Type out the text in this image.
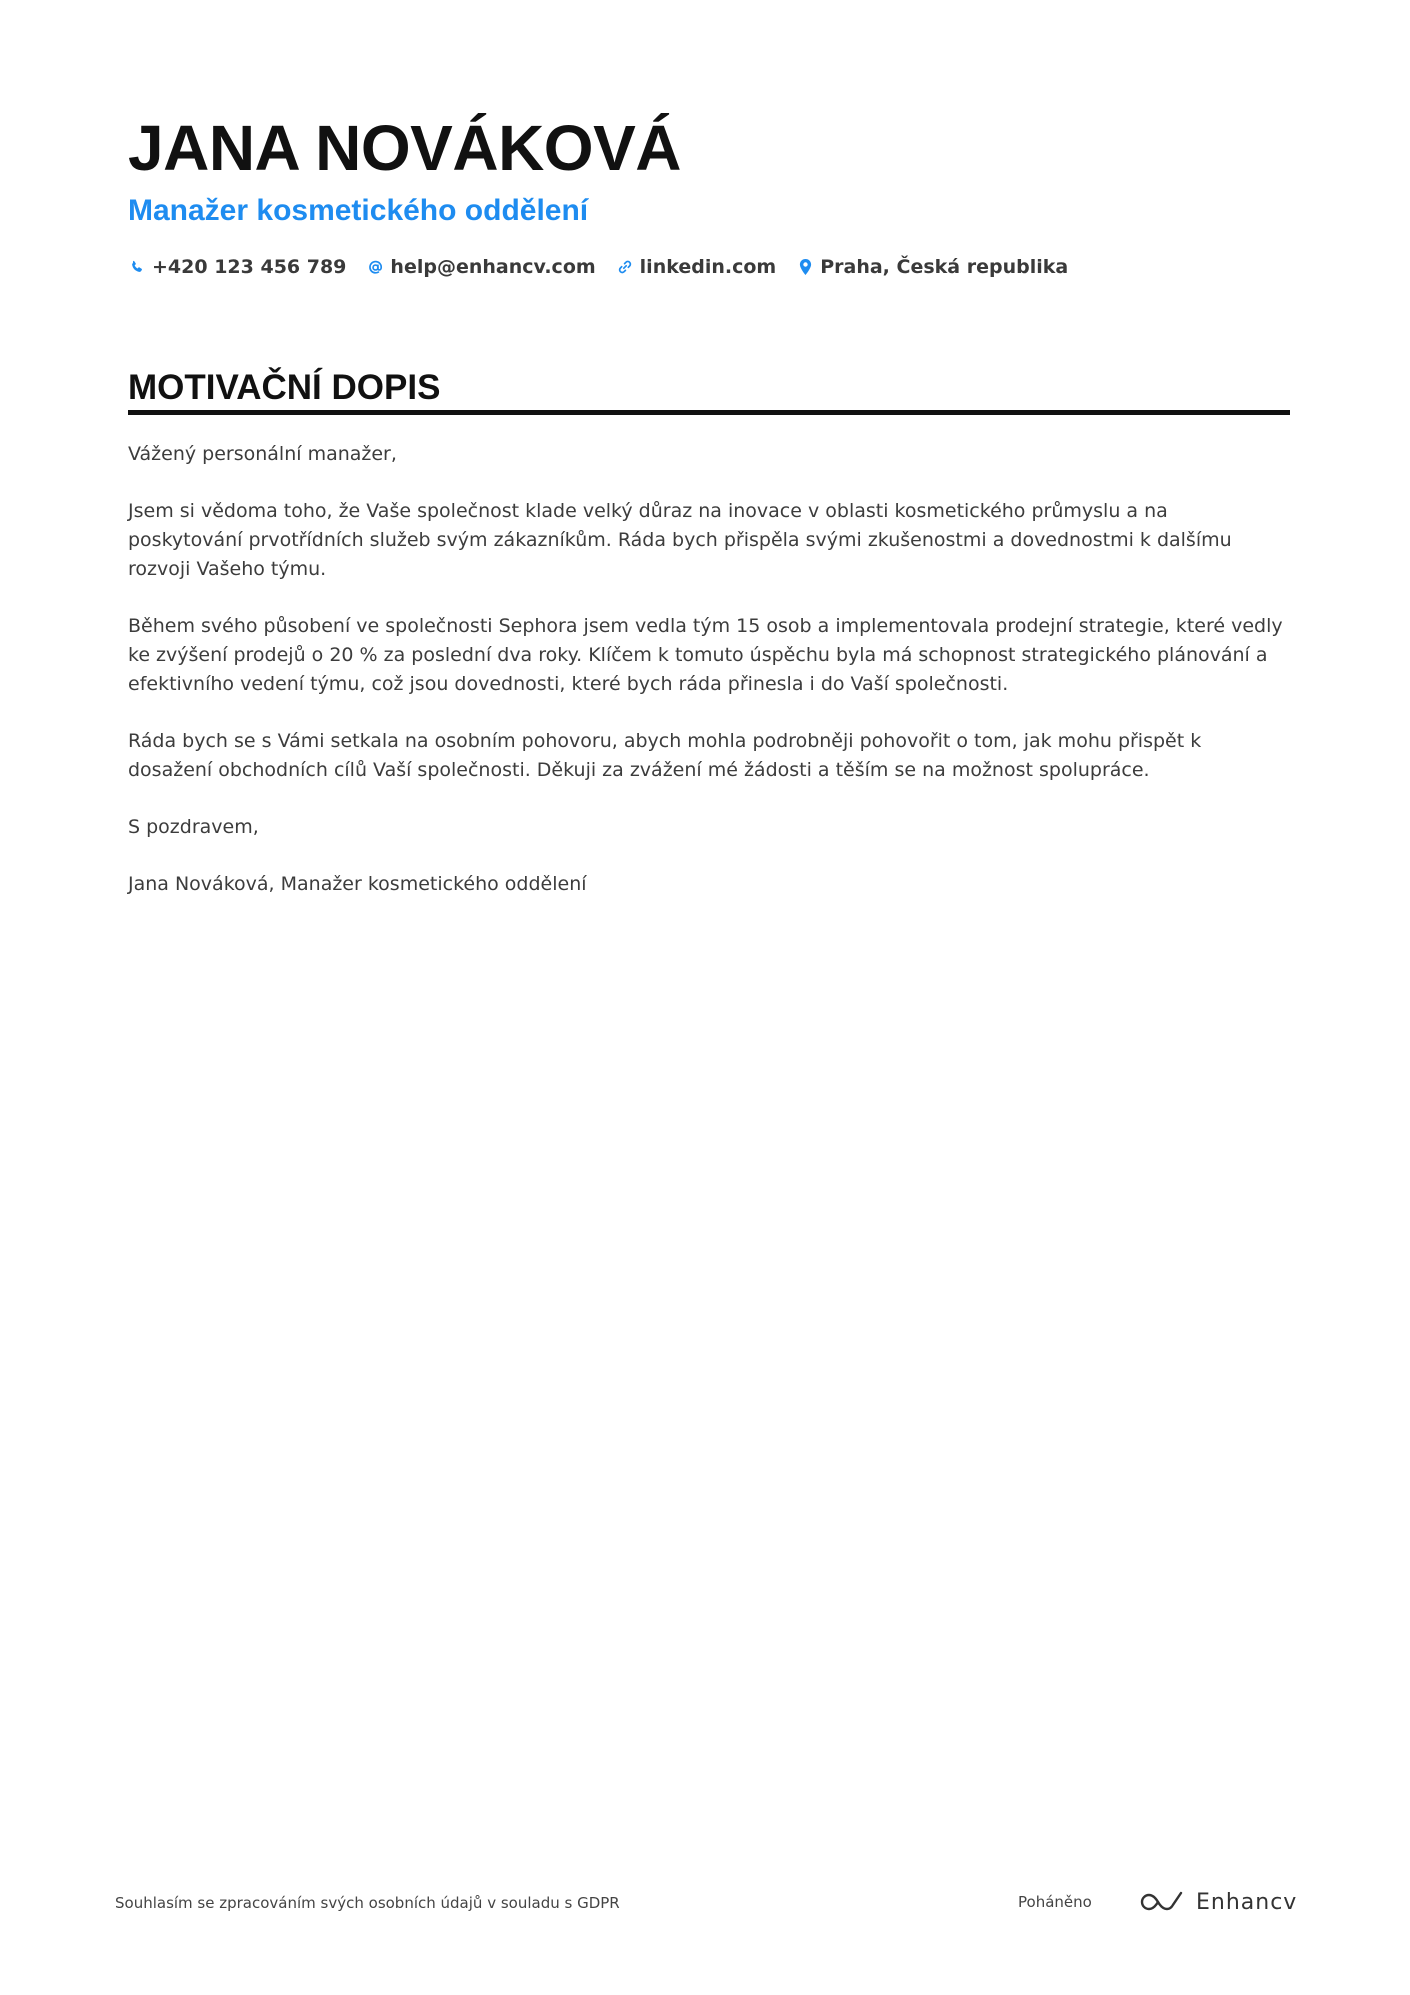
JANA NOVÁKOVÁ
Manažer kosmetického oddělení
+420 123 456 789 help@enhancv.com linkedin.com Praha, Česká republika
MOTIVAČNÍ DOPIS

Vážený personální manažer,

Jsem si vědoma toho, že Vaše společnost klade velký důraz na inovace v oblasti kosmetického průmyslu a na poskytování prvotřídních služeb svým zákazníkům. Ráda bych přispěla svými zkušenostmi a dovednostmi k dalšímu rozvoji Vašeho týmu.

Během svého působení ve společnosti Sephora jsem vedla tým 15 osob a implementovala prodejní strategie, které vedly ke zvýšení prodejů o 20 % za poslední dva roky. Klíčem k tomuto úspěchu byla má schopnost strategického plánování a efektivního vedení týmu, což jsou dovednosti, které bych ráda přinesla i do Vaší společnosti.

Ráda bych se s Vámi setkala na osobním pohovoru, abych mohla podrobněji pohovořit o tom, jak mohu přispět k dosažení obchodních cílů Vaší společnosti. Děkuji za zvážení mé žádosti a těším se na možnost spolupráce.

S pozdravem,

Jana Nováková, Manažer kosmetického oddělení

Souhlasím se zpracováním svých osobních údajů v souladu s GDPR	Poháněno	Enhancv
